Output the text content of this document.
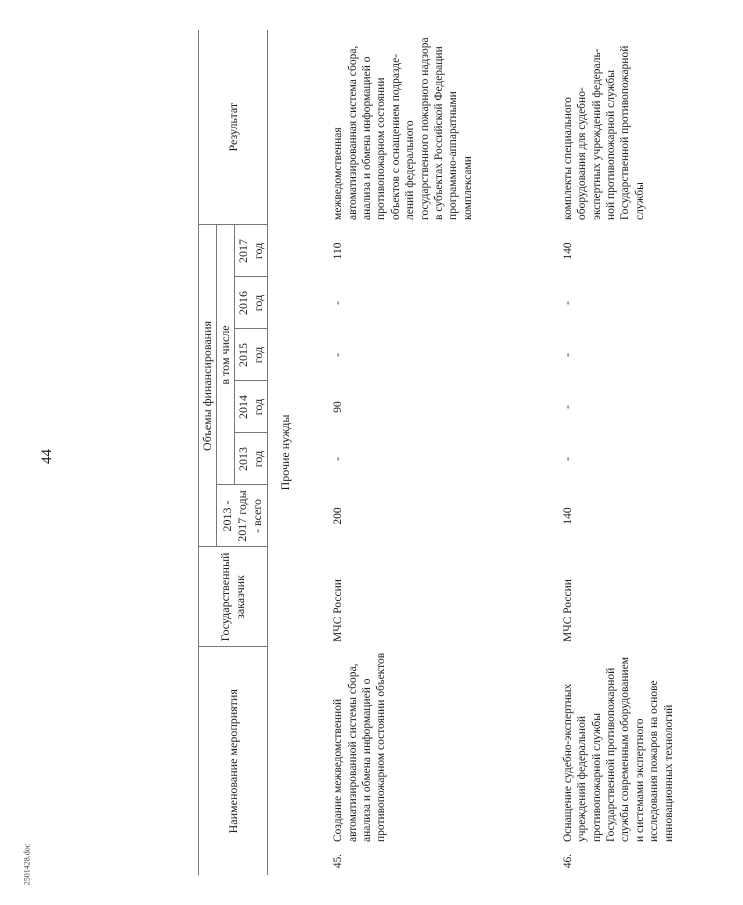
44
2501428.doc
Наименование мероприятия		Государственный заказчик	Объемы финансирования						Результат
			2013 - 2017 годы - всего	в том числе					
				2013 год	2014 год	2015 год	2016 год	2017 год	
Прочие нужды									
45.	Создание межведомственной автоматизированной системы сбора, анализа и обмена информацией о противопожарном состоянии объектов	МЧС России	200	-	90	-	-	110	межведомственная автоматизированная система сбора, анализа и обмена информацией о противопожарном состоянии объектов с оснащением подразде-лений федерального государственного пожарного надзора в субъектах Российской Федерации программно-аппаратными комплексами
46.	Оснащение судебно-экспертных учреждений федеральной противопожарной службы Государственной противопожарной службы современным оборудованием и системами экспертного исследования пожаров на основе инновационных технологий	МЧС России	140	-	-	-	-	140	комплекты специального оборудования для судебно-экспертных учреждений федераль-ной противопожарной службы Государственной противопожарной службы
